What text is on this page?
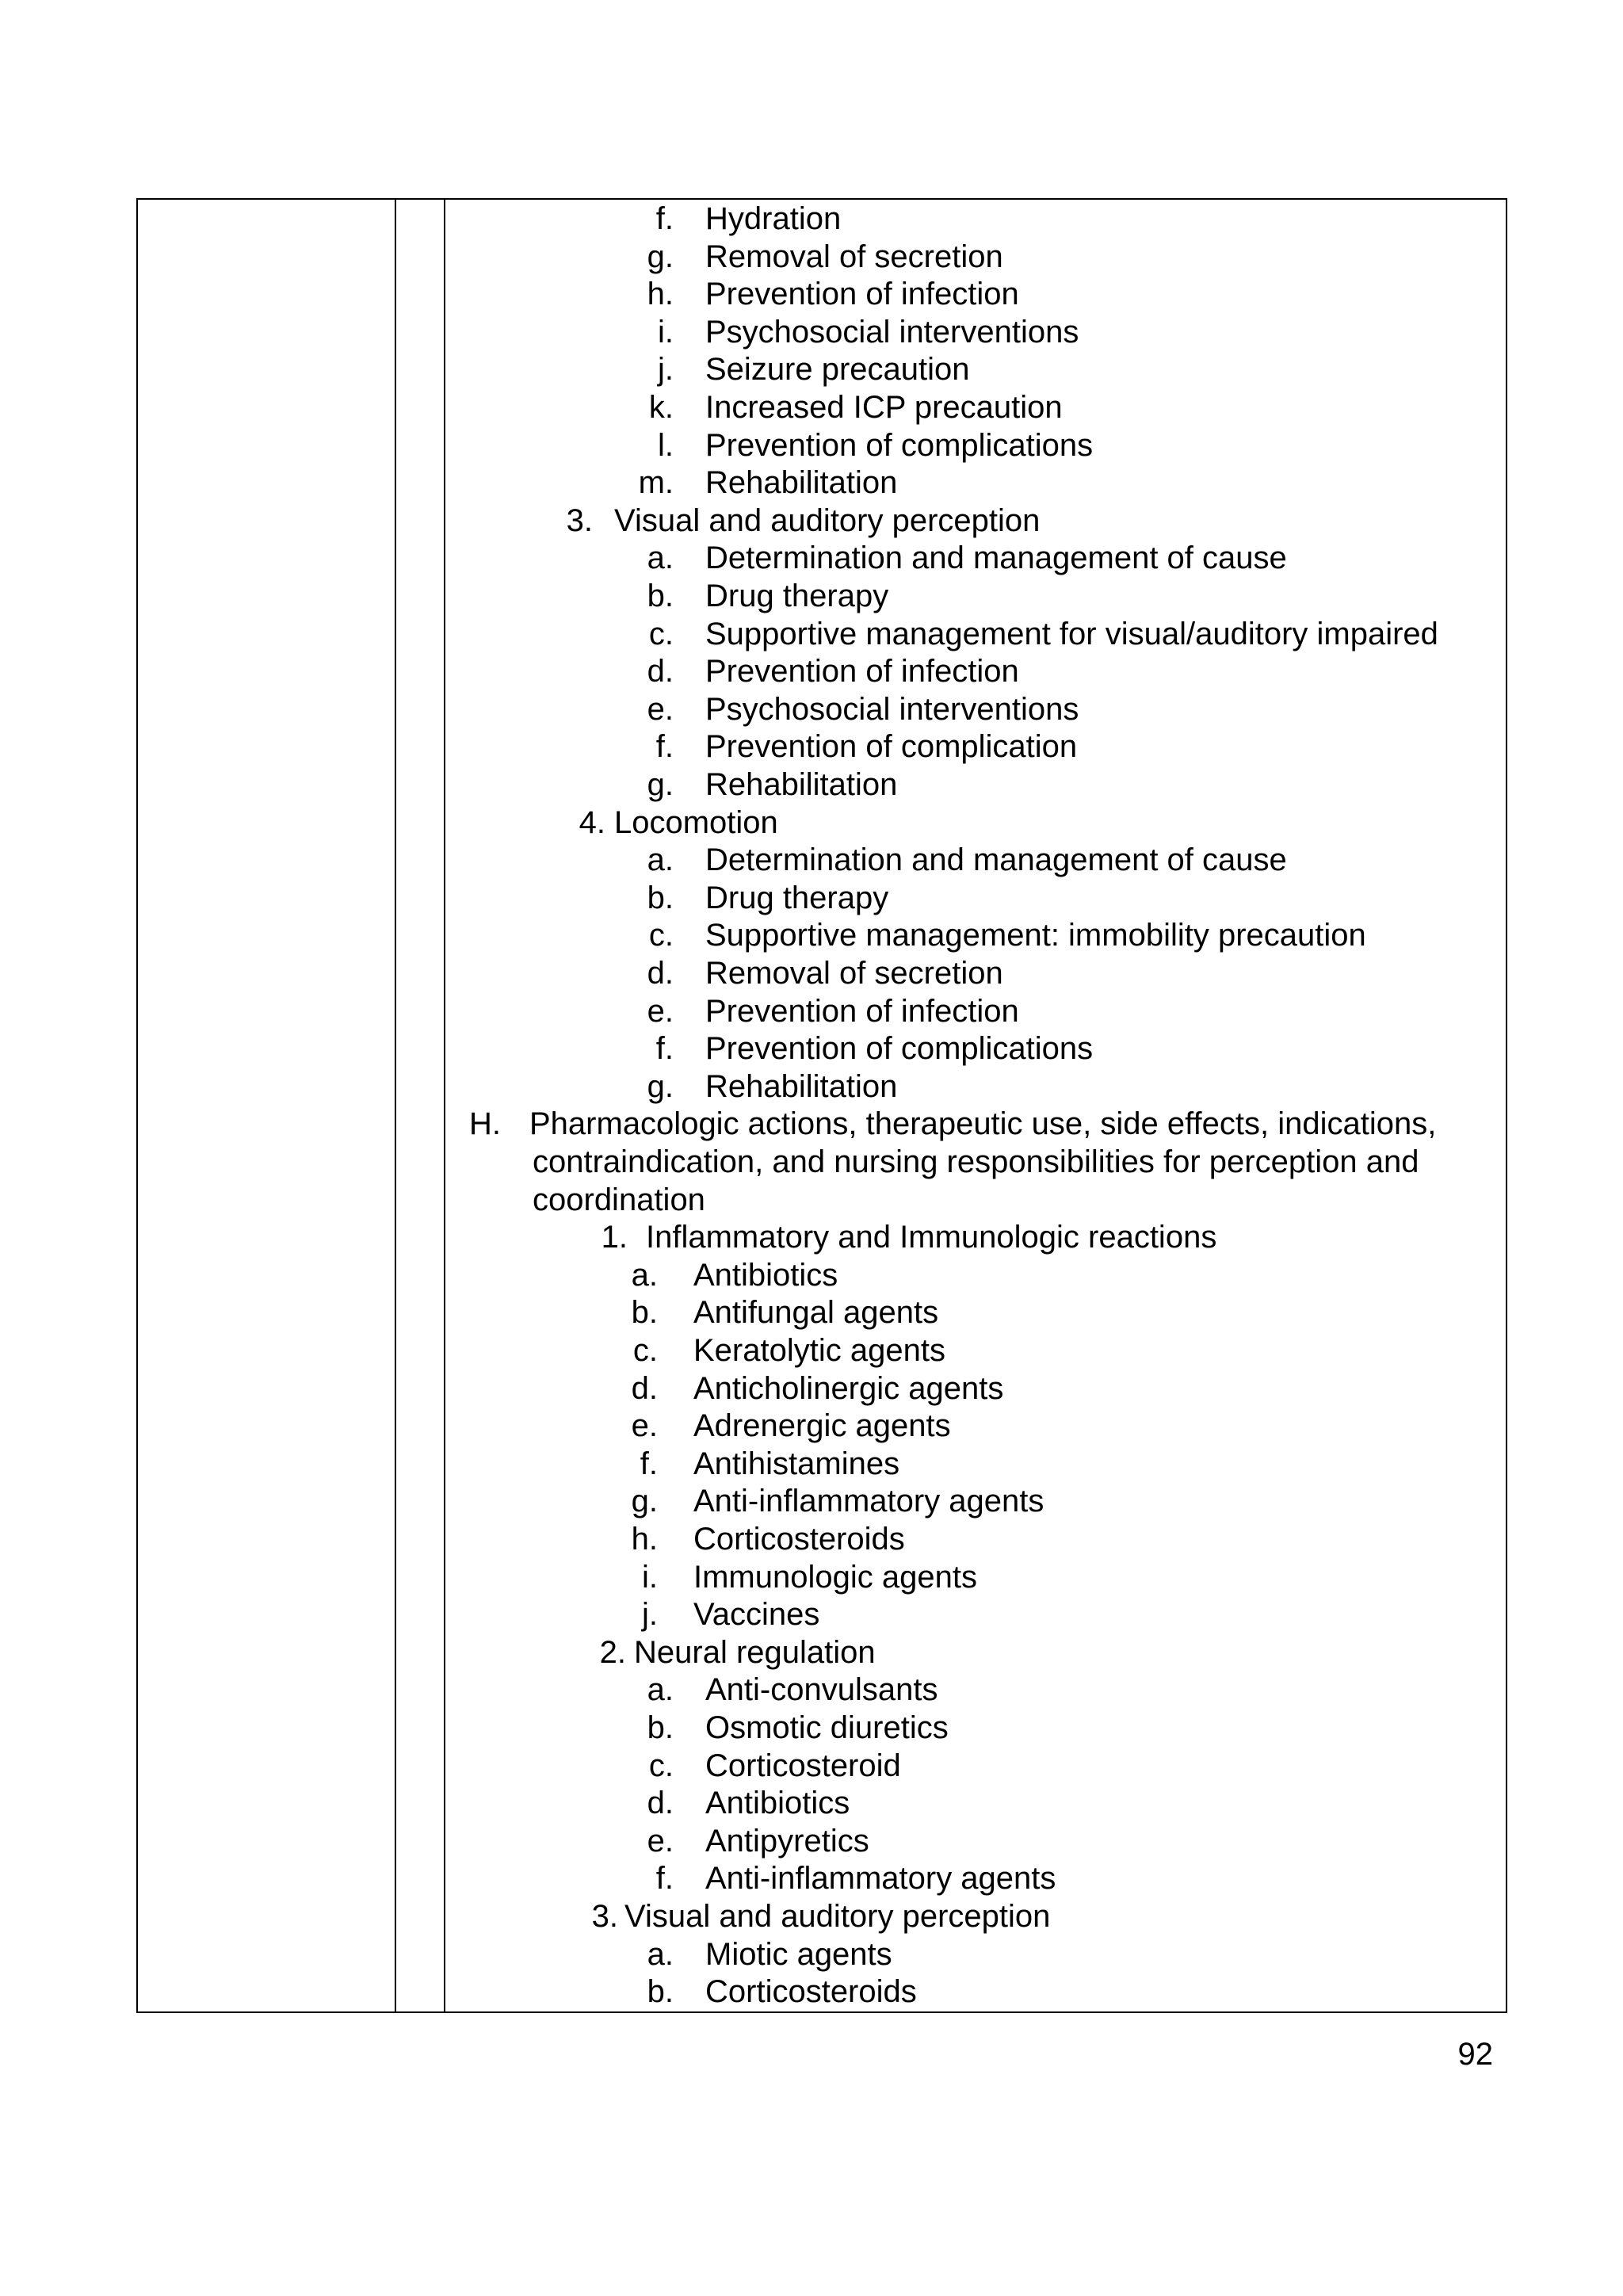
f. Hydration
g. Removal of secretion
h. Prevention of infection
i. Psychosocial interventions
j. Seizure precaution
k. Increased ICP precaution
l. Prevention of complications
m. Rehabilitation
3. Visual and auditory perception
a. Determination and management of cause
b. Drug therapy
c. Supportive management for visual/auditory impaired
d. Prevention of infection
e. Psychosocial interventions
f. Prevention of complication
g. Rehabilitation
4. Locomotion
a. Determination and management of cause
b. Drug therapy
c. Supportive management: immobility precaution
d. Removal of secretion
e. Prevention of infection
f. Prevention of complications
g. Rehabilitation
H. Pharmacologic actions, therapeutic use, side effects, indications,
contraindication, and nursing responsibilities for perception and
coordination
1. Inflammatory and Immunologic reactions
a. Antibiotics
b. Antifungal agents
c. Keratolytic agents
d. Anticholinergic agents
e. Adrenergic agents
f. Antihistamines
g. Anti-inflammatory agents
h. Corticosteroids
i. Immunologic agents
j. Vaccines
2. Neural regulation
a. Anti-convulsants
b. Osmotic diuretics
c. Corticosteroid
d. Antibiotics
e. Antipyretics
f. Anti-inflammatory agents
3. Visual and auditory perception
a. Miotic agents
b. Corticosteroids
92
